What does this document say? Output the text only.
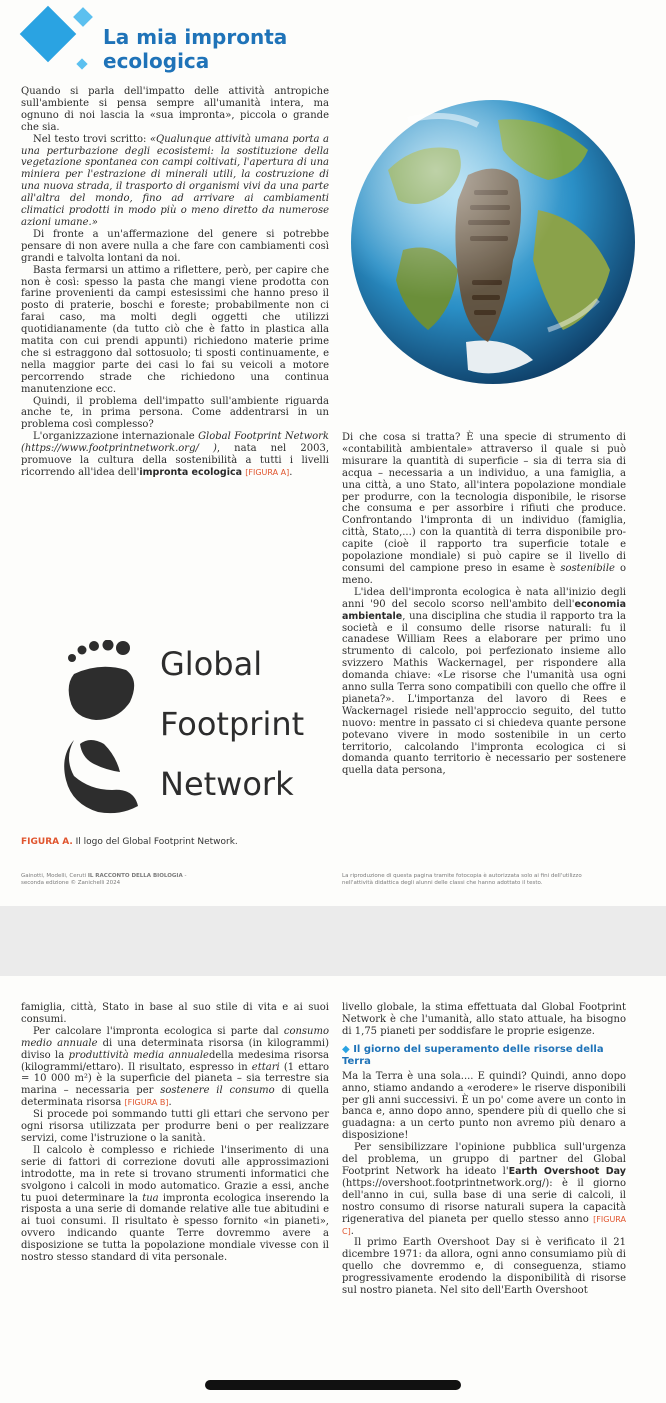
La mia impronta
ecologica

Quando si parla dell'impatto delle attività antropiche sull'ambiente si pensa sempre all'umanità intera, ma ognuno di noi lascia la «sua impronta», piccola o grande che sia.

Nel testo trovi scritto: «Qualunque attività umana porta a una perturbazione degli ecosistemi: la sostituzione della vegetazione spontanea con campi coltivati, l'apertura di una miniera per l'estrazione di minerali utili, la costruzione di una nuova strada, il trasporto di organismi vivi da una parte all'altra del mondo, fino ad arrivare ai cambiamenti climatici prodotti in modo più o meno diretto da numerose azioni umane.»

Di fronte a un'affermazione del genere si potrebbe pensare di non avere nulla a che fare con cambiamenti così grandi e talvolta lontani da noi.

Basta fermarsi un attimo a riflettere, però, per capire che non è così: spesso la pasta che mangi viene prodotta con farine provenienti da campi estesissimi che hanno preso il posto di praterie, boschi e foreste; probabilmente non ci farai caso, ma molti degli oggetti che utilizzi quotidianamente (da tutto ciò che è fatto in plastica alla matita con cui prendi appunti) richiedono materie prime che si estraggono dal sottosuolo; ti sposti continuamente, e nella maggior parte dei casi lo fai su veicoli a motore percorrendo strade che richiedono una continua manutenzione ecc.

Quindi, il problema dell'impatto sull'ambiente riguarda anche te, in prima persona. Come addentrarsi in un problema così complesso?

L'organizzazione internazionale Global Footprint Network (https://www.footprintnetwork.org/ ), nata nel 2003, promuove la cultura della sostenibilità a tutti i livelli ricorrendo all'idea dell'impronta ecologica [FIGURA A].

Di che cosa si tratta? È una specie di strumento di «contabilità ambientale» attraverso il quale si può misurare la quantità di superficie – sia di terra sia di acqua – necessaria a un individuo, a una famiglia, a una città, a uno Stato, all'intera popolazione mondiale per produrre, con la tecnologia disponibile, le risorse che consuma e per assorbire i rifiuti che produce. Confrontando l'impronta di un individuo (famiglia, città, Stato,...) con la quantità di terra disponibile pro-capite (cioè il rapporto tra superficie totale e popolazione mondiale) si può capire se il livello di consumi del campione preso in esame è sostenibile o meno.

L'idea dell'impronta ecologica è nata all'inizio degli anni '90 del secolo scorso nell'ambito dell'economia ambientale, una disciplina che studia il rapporto tra la società e il consumo delle risorse naturali: fu il canadese William Rees a elaborare per primo uno strumento di calcolo, poi perfezionato insieme allo svizzero Mathis Wackernagel, per rispondere alla domanda chiave: «Le risorse che l'umanità usa ogni anno sulla Terra sono compatibili con quello che offre il pianeta?». L'importanza del lavoro di Rees e Wackernagel risiede nell'approccio seguito, del tutto nuovo: mentre in passato ci si chiedeva quante persone potevano vivere in modo sostenibile in un certo territorio, calcolando l'impronta ecologica ci si domanda quanto territorio è necessario per sostenere quella data persona,

Global
Footprint
Network
FIGURA A. Il logo del Global Footprint Network.
Gainotti, Modelli, Ceruti IL RACCONTO DELLA BIOLOGIA -
seconda edizione © Zanichelli 2024
La riproduzione di questa pagina tramite fotocopia è autorizzata solo ai fini dell'utilizzo
nell'attività didattica degli alunni delle classi che hanno adottato il testo.

famiglia, città, Stato in base al suo stile di vita e ai suoi consumi.

Per calcolare l'impronta ecologica si parte dal consumo medio annuale di una determinata risorsa (in kilogrammi) diviso la produttività media annualedella medesima risorsa (kilogrammi/ettaro). Il risultato, espresso in ettari (1 ettaro = 10 000 m²) è la superficie del pianeta – sia terrestre sia marina – necessaria per sostenere il consumo di quella determinata risorsa [FIGURA B].

Si procede poi sommando tutti gli ettari che servono per ogni risorsa utilizzata per produrre beni o per realizzare servizi, come l'istruzione o la sanità.

Il calcolo è complesso e richiede l'inserimento di una serie di fattori di correzione dovuti alle approssimazioni introdotte, ma in rete si trovano strumenti informatici che svolgono i calcoli in modo automatico. Grazie a essi, anche tu puoi determinare la tua impronta ecologica inserendo la risposta a una serie di domande relative alle tue abitudini e ai tuoi consumi. Il risultato è spesso fornito «in pianeti», ovvero indicando quante Terre dovremmo avere a disposizione se tutta la popolazione mondiale vivesse con il nostro stesso standard di vita personale.

livello globale, la stima effettuata dal Global Footprint Network è che l'umanità, allo stato attuale, ha bisogno di 1,75 pianeti per soddisfare le proprie esigenze.

◆ Il giorno del superamento delle risorse della Terra

Ma la Terra è una sola.... E quindi? Quindi, anno dopo anno, stiamo andando a «erodere» le riserve disponibili per gli anni successivi. È un po' come avere un conto in banca e, anno dopo anno, spendere più di quello che si guadagna: a un certo punto non avremo più denaro a disposizione!

Per sensibilizzare l'opinione pubblica sull'urgenza del problema, un gruppo di partner del Global Footprint Network ha ideato l'Earth Overshoot Day (https://overshoot.footprintnetwork.org/): è il giorno dell'anno in cui, sulla base di una serie di calcoli, il nostro consumo di risorse naturali supera la capacità rigenerativa del pianeta per quello stesso anno [FIGURA C].

Il primo Earth Overshoot Day si è verificato il 21 dicembre 1971: da allora, ogni anno consumiamo più di quello che dovremmo e, di conseguenza, stiamo progressivamente erodendo la disponibilità di risorse sul nostro pianeta. Nel sito dell'Earth Overshoot
